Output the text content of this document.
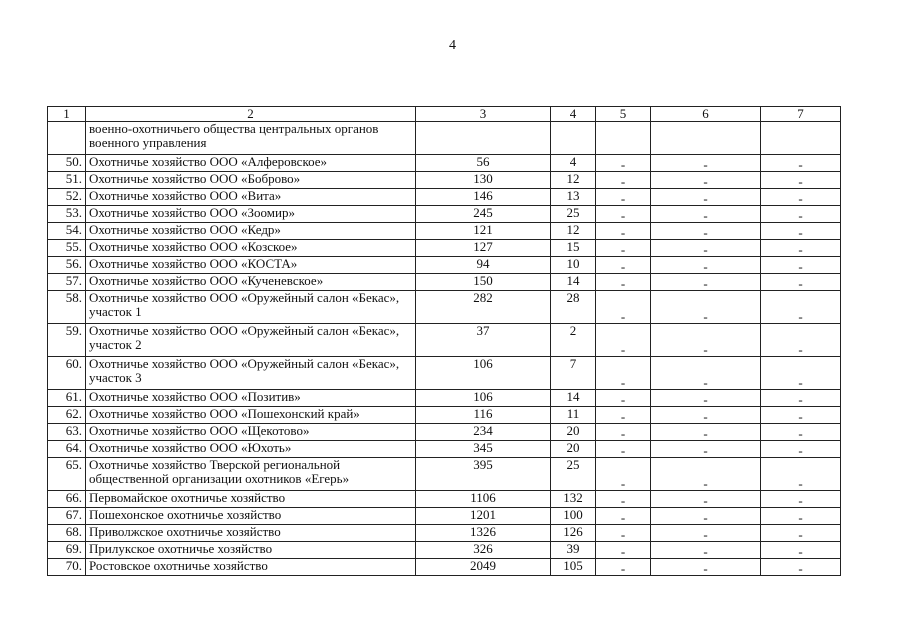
4
1	2	3	4	5	6	7
	военно-охотничьего общества центральных органов военного управления					
50.	Охотничье хозяйство ООО «Алферовское»	56	4	-	-	-
51.	Охотничье хозяйство ООО «Боброво»	130	12	-	-	-
52.	Охотничье хозяйство ООО «Вита»	146	13	-	-	-
53.	Охотничье хозяйство ООО «Зоомир»	245	25	-	-	-
54.	Охотничье хозяйство ООО «Кедр»	121	12	-	-	-
55.	Охотничье хозяйство ООО «Козское»	127	15	-	-	-
56.	Охотничье хозяйство ООО «КОСТА»	94	10	-	-	-
57.	Охотничье хозяйство ООО «Кученевское»	150	14	-	-	-
58.	Охотничье хозяйство ООО «Оружейный салон «Бекас», участок 1	282	28	-	-	-
59.	Охотничье хозяйство ООО «Оружейный салон «Бекас», участок 2	37	2	-	-	-
60.	Охотничье хозяйство ООО «Оружейный салон «Бекас», участок 3	106	7	-	-	-
61.	Охотничье хозяйство ООО «Позитив»	106	14	-	-	-
62.	Охотничье хозяйство ООО «Пошехонский край»	116	11	-	-	-
63.	Охотничье хозяйство ООО «Щекотово»	234	20	-	-	-
64.	Охотничье хозяйство ООО «Юхоть»	345	20	-	-	-
65.	Охотничье хозяйство Тверской региональной общественной организации охотников «Егерь»	395	25	-	-	-
66.	Первомайское охотничье хозяйство	1106	132	-	-	-
67.	Пошехонское охотничье хозяйство	1201	100	-	-	-
68.	Приволжское охотничье хозяйство	1326	126	-	-	-
69.	Прилукское охотничье хозяйство	326	39	-	-	-
70.	Ростовское охотничье хозяйство	2049	105	-	-	-
